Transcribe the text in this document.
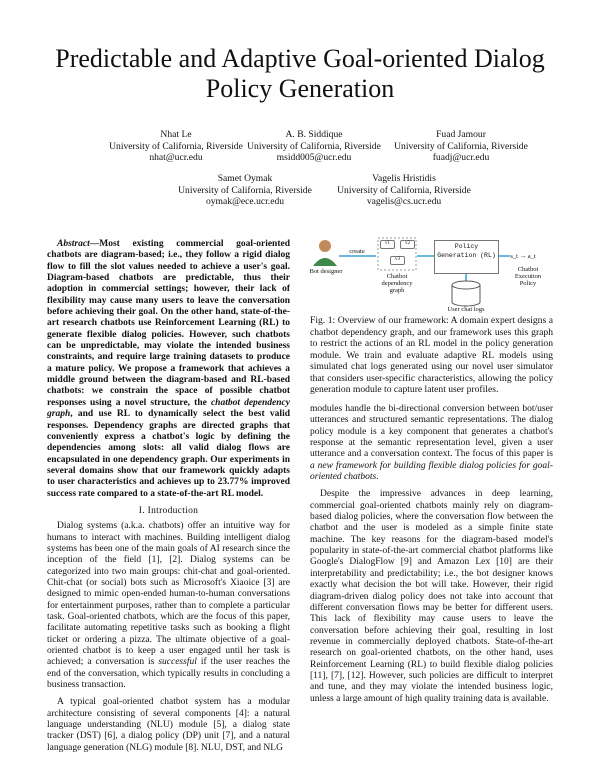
Predictable and Adaptive Goal-oriented Dialog Policy Generation
Nhat Le
University of California, Riverside
nhat@ucr.edu
A. B. Siddique
University of California, Riverside
msidd005@ucr.edu
Fuad Jamour
University of California, Riverside
fuadj@ucr.edu
Samet Oymak
University of California, Riverside
oymak@ece.ucr.edu
Vagelis Hristidis
University of California, Riverside
vagelis@cs.ucr.edu

Abstract—Most existing commercial goal-oriented chatbots are diagram-based; i.e., they follow a rigid dialog flow to fill the slot values needed to achieve a user's goal. Diagram-based chatbots are predictable, thus their adoption in commercial settings; however, their lack of flexibility may cause many users to leave the conversation before achieving their goal. On the other hand, state-of-the-art research chatbots use Reinforcement Learning (RL) to generate flexible dialog policies. However, such chatbots can be unpredictable, may violate the intended business constraints, and require large training datasets to produce a mature policy. We propose a framework that achieves a middle ground between the diagram-based and RL-based chatbots: we constrain the space of possible chatbot responses using a novel structure, the chatbot dependency graph, and use RL to dynamically select the best valid responses. Dependency graphs are directed graphs that conveniently express a chatbot's logic by defining the dependencies among slots: all valid dialog flows are encapsulated in one dependency graph. Our experiments in several domains show that our framework quickly adapts to user characteristics and achieves up to 23.77% improved success rate compared to a state-of-the-art RL model.

I. Introduction

Dialog systems (a.k.a. chatbots) offer an intuitive way for humans to interact with machines. Building intelligent dialog systems has been one of the main goals of AI research since the inception of the field [1], [2]. Dialog systems can be categorized into two main groups: chit-chat and goal-oriented. Chit-chat (or social) bots such as Microsoft's Xiaoice [3] are designed to mimic open-ended human-to-human conversations for entertainment purposes, rather than to complete a particular task. Goal-oriented chatbots, which are the focus of this paper, facilitate automating repetitive tasks such as booking a flight ticket or ordering a pizza. The ultimate objective of a goal-oriented chatbot is to keep a user engaged until her task is achieved; a conversation is successful if the user reaches the end of the conversation, which typically results in concluding a business transaction.

A typical goal-oriented chatbot system has a modular architecture consisting of several components [4]: a natural language understanding (NLU) module [5], a dialog state tracker (DST) [6], a dialog policy (DP) unit [7], and a natural language generation (NLG) module [8]. NLU, DST, and NLG

Bot designer
create
v1	v2
v3
Chatbot dependency graph
Policy Generation (RL)
User chat logs
s_t → a_t
Chatbot Execution Policy
Fig. 1: Overview of our framework: A domain expert designs a chatbot dependency graph, and our framework uses this graph to restrict the actions of an RL model in the policy generation module. We train and evaluate adaptive RL models using simulated chat logs generated using our novel user simulator that considers user-specific characteristics, allowing the policy generation module to capture latent user profiles.

modules handle the bi-directional conversion between bot/user utterances and structured semantic representations. The dialog policy module is a key component that generates a chatbot's response at the semantic representation level, given a user utterance and a conversation context. The focus of this paper is a new framework for building flexible dialog policies for goal-oriented chatbots.

Despite the impressive advances in deep learning, commercial goal-oriented chatbots mainly rely on diagram-based dialog policies, where the conversation flow between the chatbot and the user is modeled as a simple finite state machine. The key reasons for the diagram-based model's popularity in state-of-the-art commercial chatbot platforms like Google's DialogFlow [9] and Amazon Lex [10] are their interpretability and predictability; i.e., the bot designer knows exactly what decision the bot will take. However, their rigid diagram-driven dialog policy does not take into account that different conversation flows may be better for different users. This lack of flexibility may cause users to leave the conversation before achieving their goal, resulting in lost revenue in commercially deployed chatbots. State-of-the-art research on goal-oriented chatbots, on the other hand, uses Reinforcement Learning (RL) to build flexible dialog policies [11], [7], [12]. However, such policies are difficult to interpret and tune, and they may violate the intended business logic, unless a large amount of high quality training data is available.
